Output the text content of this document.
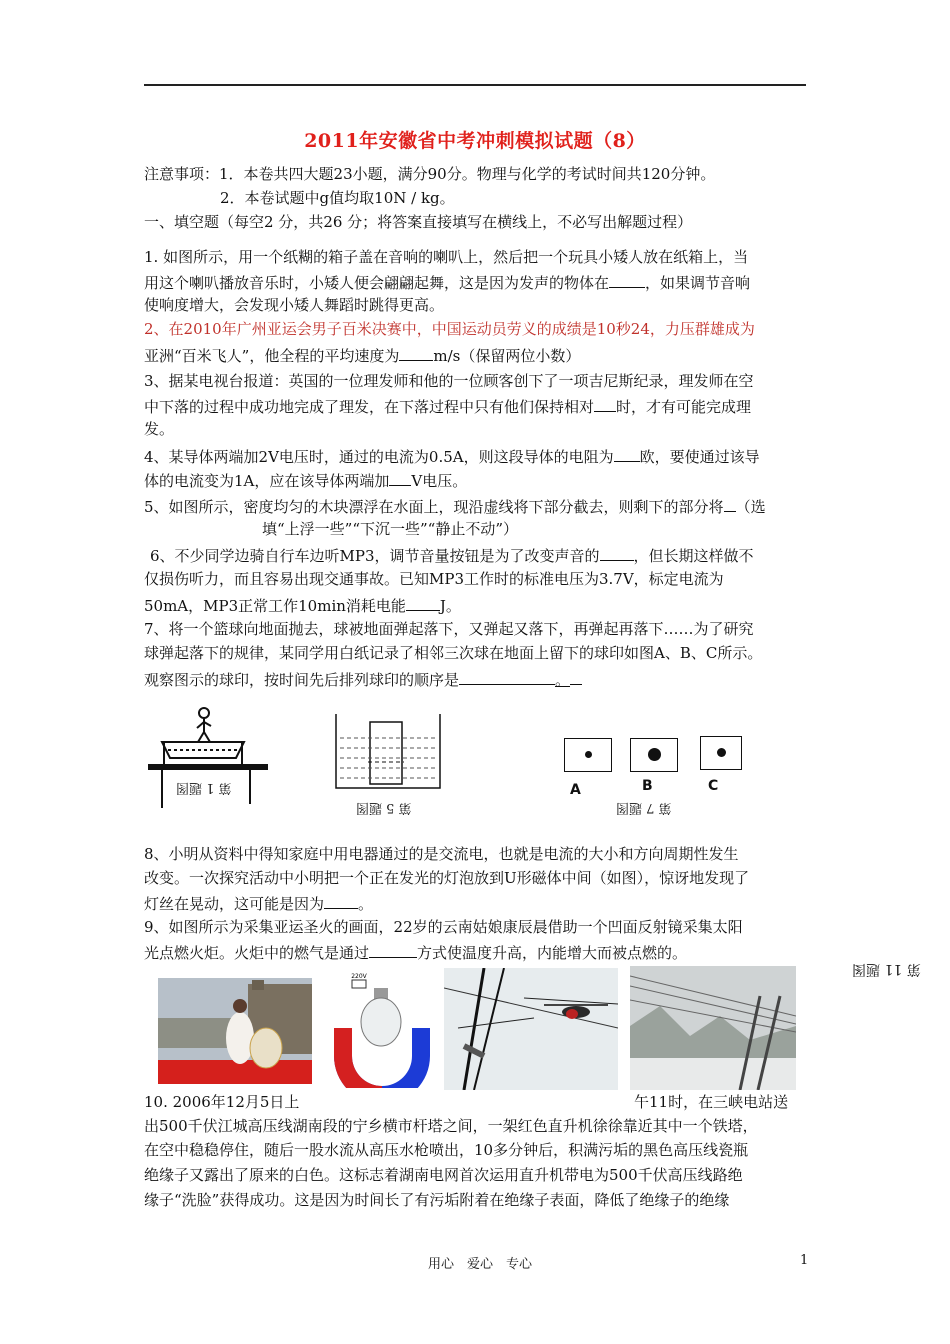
2011年安徽省中考冲刺模拟试题（8）
注意事项：1．本卷共四大题23小题，满分90分。物理与化学的考试时间共120分钟。
2．本卷试题中g值均取10N / kg。
一、填空题（每空2 分，共26 分；将答案直接填写在横线上，不必写出解题过程）
1. 如图所示，用一个纸糊的箱子盖在音响的喇叭上，然后把一个玩具小矮人放在纸箱上，当
用这个喇叭播放音乐时，小矮人便会翩翩起舞，这是因为发声的物体在 ，如果调节音响
使响度增大，会发现小矮人舞蹈时跳得更高。
2、在2010年广州亚运会男子百米决赛中，中国运动员劳义的成绩是10秒24，力压群雄成为
亚洲“百米飞人”，他全程的平均速度为 m/s（保留两位小数）
3、据某电视台报道：英国的一位理发师和他的一位顾客创下了一项吉尼斯纪录，理发师在空
中下落的过程中成功地完成了理发，在下落过程中只有他们保持相对 时，才有可能完成理
发。
4、某导体两端加2V电压时，通过的电流为0.5A，则这段导体的电阻为 欧，要使通过该导
体的电流变为1A，应在该导体两端加 V电压。
5、如图所示，密度均匀的木块漂浮在水面上，现沿虚线将下部分截去，则剩下的部分将 （选
填“上浮一些”“下沉一些”“静止不动”）
6、不少同学边骑自行车边听MP3，调节音量按钮是为了改变声音的 ，但长期这样做不
仅损伤听力，而且容易出现交通事故。已知MP3工作时的标准电压为3.7V，标定电流为
50mA，MP3正常工作10min消耗电能 J。
7、将一个篮球向地面抛去，球被地面弹起落下，又弹起又落下，再弹起再落下……为了研究
球弹起落下的规律，某同学用白纸记录了相邻三次球在地面上留下的球印如图A、B、C所示。
观察图示的球印，按时间先后排列球印的顺序是	。
第 1 题图
第 5 题图
A	B	C
第 7 题图
8、小明从资料中得知家庭中用电器通过的是交流电，也就是电流的大小和方向周期性发生
改变。一次探究活动中小明把一个正在发光的灯泡放到U形磁体中间（如图），惊讶地发现了
灯丝在晃动，这可能是因为 。
9、如图所示为采集亚运圣火的画面，22岁的云南姑娘康辰晨借助一个凹面反射镜采集太阳
光点燃火炬。火炬中的燃气是通过	方式使温度升高，内能增大而被点燃的。
第 11 题图
220V
10. 2006年12月5日上	午11时，在三峡电站送
出500千伏江城高压线湖南段的宁乡横市杆塔之间，一架红色直升机徐徐靠近其中一个铁塔，
在空中稳稳停住，随后一股水流从高压水枪喷出，10多分钟后，积满污垢的黑色高压线瓷瓶
绝缘子又露出了原来的白色。这标志着湖南电网首次运用直升机带电为500千伏高压线路绝
缘子“洗脸”获得成功。这是因为时间长了有污垢附着在绝缘子表面，降低了绝缘子的绝缘
用心　爱心　专心	1
